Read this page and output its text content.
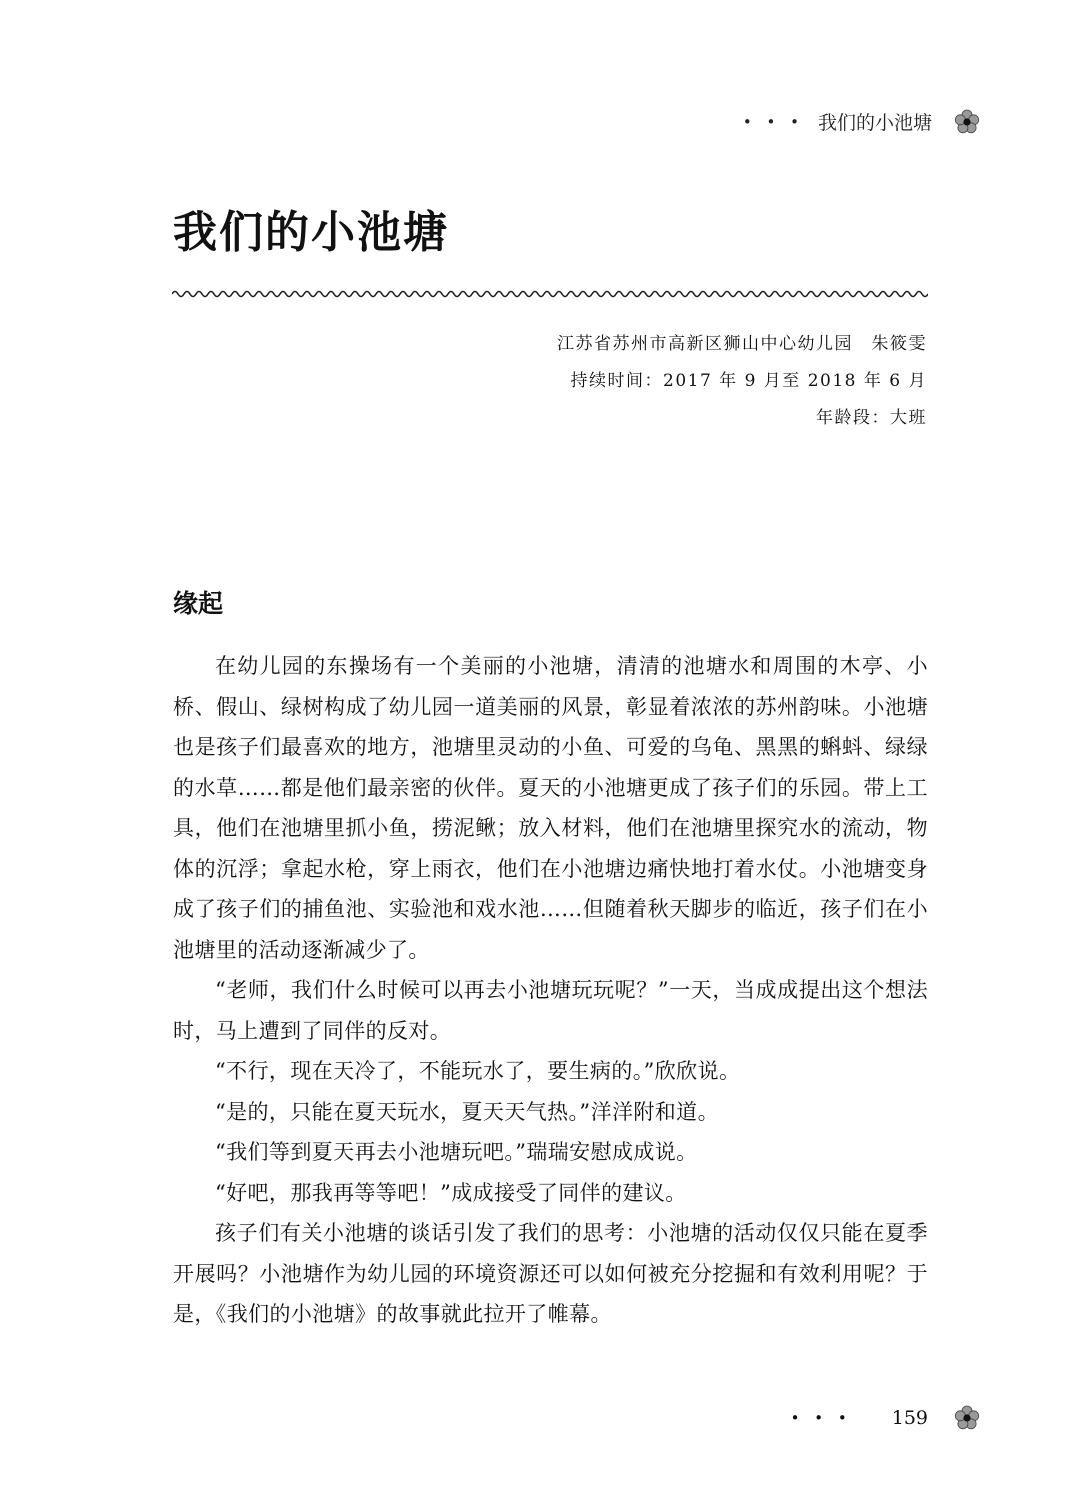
• • • 我们的小池塘
我们的小池塘
江苏省苏州市高新区狮山中心幼儿园　朱筱雯
持续时间：2017 年 9 月至 2018 年 6 月
年龄段：大班
缘起

在幼儿园的东操场有一个美丽的小池塘，清清的池塘水和周围的木亭、小桥、假山、绿树构成了幼儿园一道美丽的风景，彰显着浓浓的苏州韵味。小池塘也是孩子们最喜欢的地方，池塘里灵动的小鱼、可爱的乌龟、黑黑的蝌蚪、绿绿的水草……都是他们最亲密的伙伴。夏天的小池塘更成了孩子们的乐园。带上工具，他们在池塘里抓小鱼，捞泥鳅；放入材料，他们在池塘里探究水的流动，物体的沉浮；拿起水枪，穿上雨衣，他们在小池塘边痛快地打着水仗。小池塘变身成了孩子们的捕鱼池、实验池和戏水池……但随着秋天脚步的临近，孩子们在小池塘里的活动逐渐减少了。

“老师，我们什么时候可以再去小池塘玩玩呢？”一天，当成成提出这个想法时，马上遭到了同伴的反对。

“不行，现在天冷了，不能玩水了，要生病的。”欣欣说。

“是的，只能在夏天玩水，夏天天气热。”洋洋附和道。

“我们等到夏天再去小池塘玩吧。”瑞瑞安慰成成说。

“好吧，那我再等等吧！”成成接受了同伴的建议。

孩子们有关小池塘的谈话引发了我们的思考：小池塘的活动仅仅只能在夏季开展吗？小池塘作为幼儿园的环境资源还可以如何被充分挖掘和有效利用呢？于是，《我们的小池塘》的故事就此拉开了帷幕。

• • • 159
